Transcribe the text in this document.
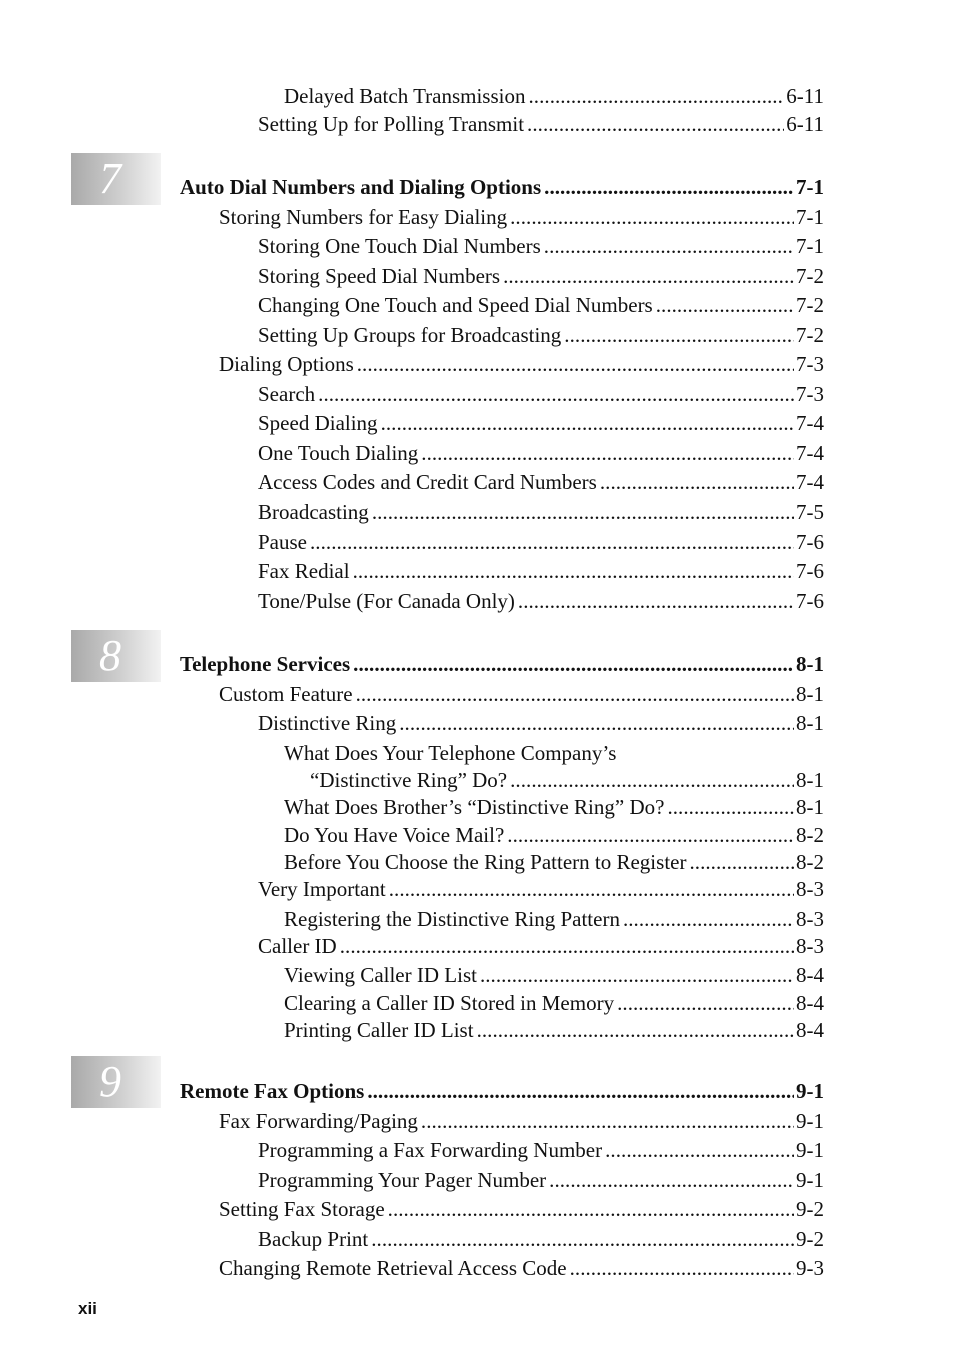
7
8
9
Delayed Batch Transmission . . .	6-11
Setting Up for Polling Transmit . . .	6-11
Auto Dial Numbers and Dialing Options . . .	7-1
Storing Numbers for Easy Dialing . . .	7-1
Storing One Touch Dial Numbers . . .	7-1
Storing Speed Dial Numbers . . .	7-2
Changing One Touch and Speed Dial Numbers . . .	7-2
Setting Up Groups for Broadcasting . . .	7-2
Dialing Options . . .	7-3
Search . . .	7-3
Speed Dialing . . .	7-4
One Touch Dialing . . .	7-4
Access Codes and Credit Card Numbers . . .	7-4
Broadcasting . . .	7-5
Pause . . .	7-6
Fax Redial . . .	7-6
Tone/Pulse (For Canada Only) . . .	7-6
Telephone Services . . .	8-1
Custom Feature . . .	8-1
Distinctive Ring . . .	8-1
What Does Your Telephone Company’s
“Distinctive Ring” Do? . . .	8-1
What Does Brother’s “Distinctive Ring” Do? . . .	8-1
Do You Have Voice Mail? . . .	8-2
Before You Choose the Ring Pattern to Register . . .	8-2
Very Important . . .	8-3
Registering the Distinctive Ring Pattern . . .	8-3
Caller ID . . .	8-3
Viewing Caller ID List . . .	8-4
Clearing a Caller ID Stored in Memory . . .	8-4
Printing Caller ID List . . .	8-4
Remote Fax Options . . .	9-1
Fax Forwarding/Paging . . .	9-1
Programming a Fax Forwarding Number . . .	9-1
Programming Your Pager Number . . .	9-1
Setting Fax Storage . . .	9-2
Backup Print . . .	9-2
Changing Remote Retrieval Access Code . . .	9-3
xii
